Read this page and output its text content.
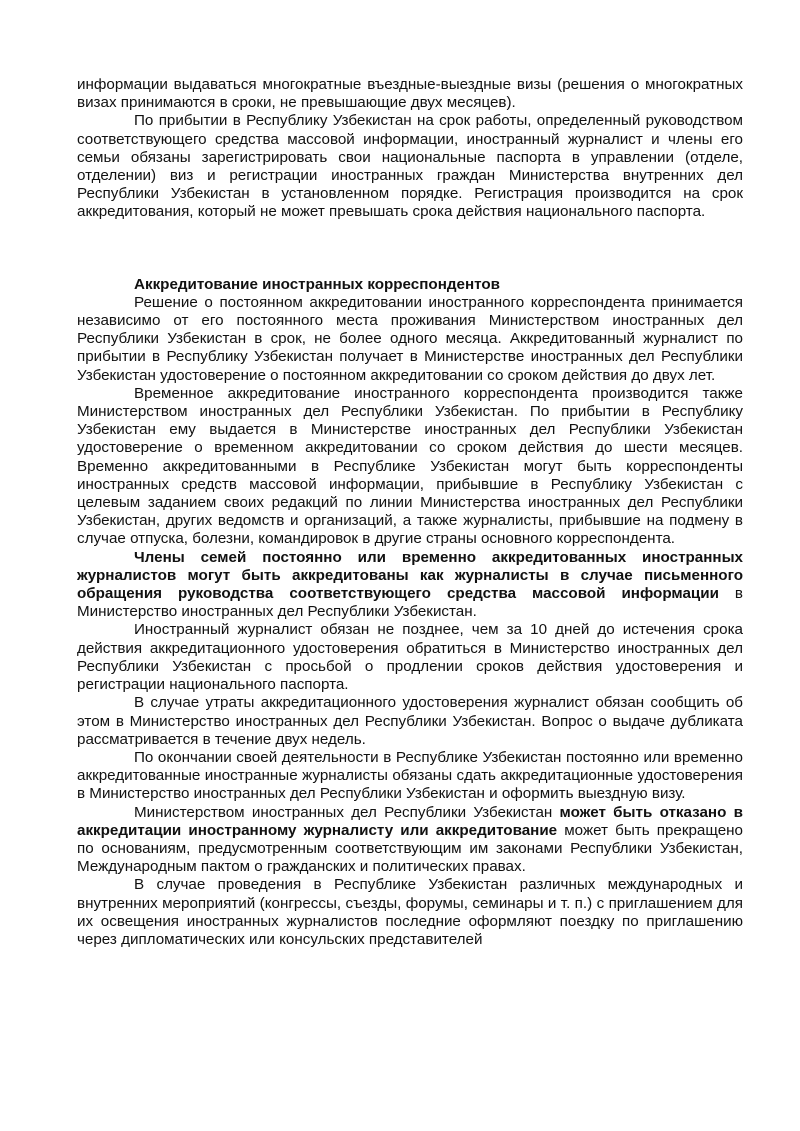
информации выдаваться многократные въездные-выездные визы (решения о многократных визах принимаются в сроки, не превышающие двух месяцев).

По прибытии в Республику Узбекистан на срок работы, определенный руководством соответствующего средства массовой информации, иностранный журналист и члены его семьи обязаны зарегистрировать свои национальные паспорта в управлении (отделе, отделении) виз и регистрации иностранных граждан Министерства внутренних дел Республики Узбекистан в установленном порядке. Регистрация производится на срок аккредитования, который не может превышать срока действия национального паспорта.

Аккредитование иностранных корреспондентов

Решение о постоянном аккредитовании иностранного корреспондента принимается независимо от его постоянного места проживания Министерством иностранных дел Республики Узбекистан в срок, не более одного месяца. Аккредитованный журналист по прибытии в Республику Узбекистан получает в Министерстве иностранных дел Республики Узбекистан удостоверение о постоянном аккредитовании со сроком действия до двух лет.

Временное аккредитование иностранного корреспондента производится также Министерством иностранных дел Республики Узбекистан. По прибытии в Республику Узбекистан ему выдается в Министерстве иностранных дел Республики Узбекистан удостоверение о временном аккредитовании со сроком действия до шести месяцев. Временно аккредитованными в Республике Узбекистан могут быть корреспонденты иностранных средств массовой информации, прибывшие в Республику Узбекистан с целевым заданием своих редакций по линии Министерства иностранных дел Республики Узбекистан, других ведомств и организаций, а также журналисты, прибывшие на подмену в случае отпуска, болезни, командировок в другие страны основного корреспондента.

Члены семей постоянно или временно аккредитованных иностранных журналистов могут быть аккредитованы как журналисты в случае письменного обращения руководства соответствующего средства массовой информации в Министерство иностранных дел Республики Узбекистан.

Иностранный журналист обязан не позднее, чем за 10 дней до истечения срока действия аккредитационного удостоверения обратиться в Министерство иностранных дел Республики Узбекистан с просьбой о продлении сроков действия удостоверения и регистрации национального паспорта.

В случае утраты аккредитационного удостоверения журналист обязан сообщить об этом в Министерство иностранных дел Республики Узбекистан. Вопрос о выдаче дубликата рассматривается в течение двух недель.

По окончании своей деятельности в Республике Узбекистан постоянно или временно аккредитованные иностранные журналисты обязаны сдать аккредитационные удостоверения в Министерство иностранных дел Республики Узбекистан и оформить выездную визу.

Министерством иностранных дел Республики Узбекистан может быть отказано в аккредитации иностранному журналисту или аккредитование может быть прекращено по основаниям, предусмотренным соответствующим им законами Республики Узбекистан, Международным пактом о гражданских и политических правах.

В случае проведения в Республике Узбекистан различных международных и внутренних мероприятий (конгрессы, съезды, форумы, семинары и т. п.) с приглашением для их освещения иностранных журналистов последние оформляют поездку по приглашению через дипломатических или консульских представителей
